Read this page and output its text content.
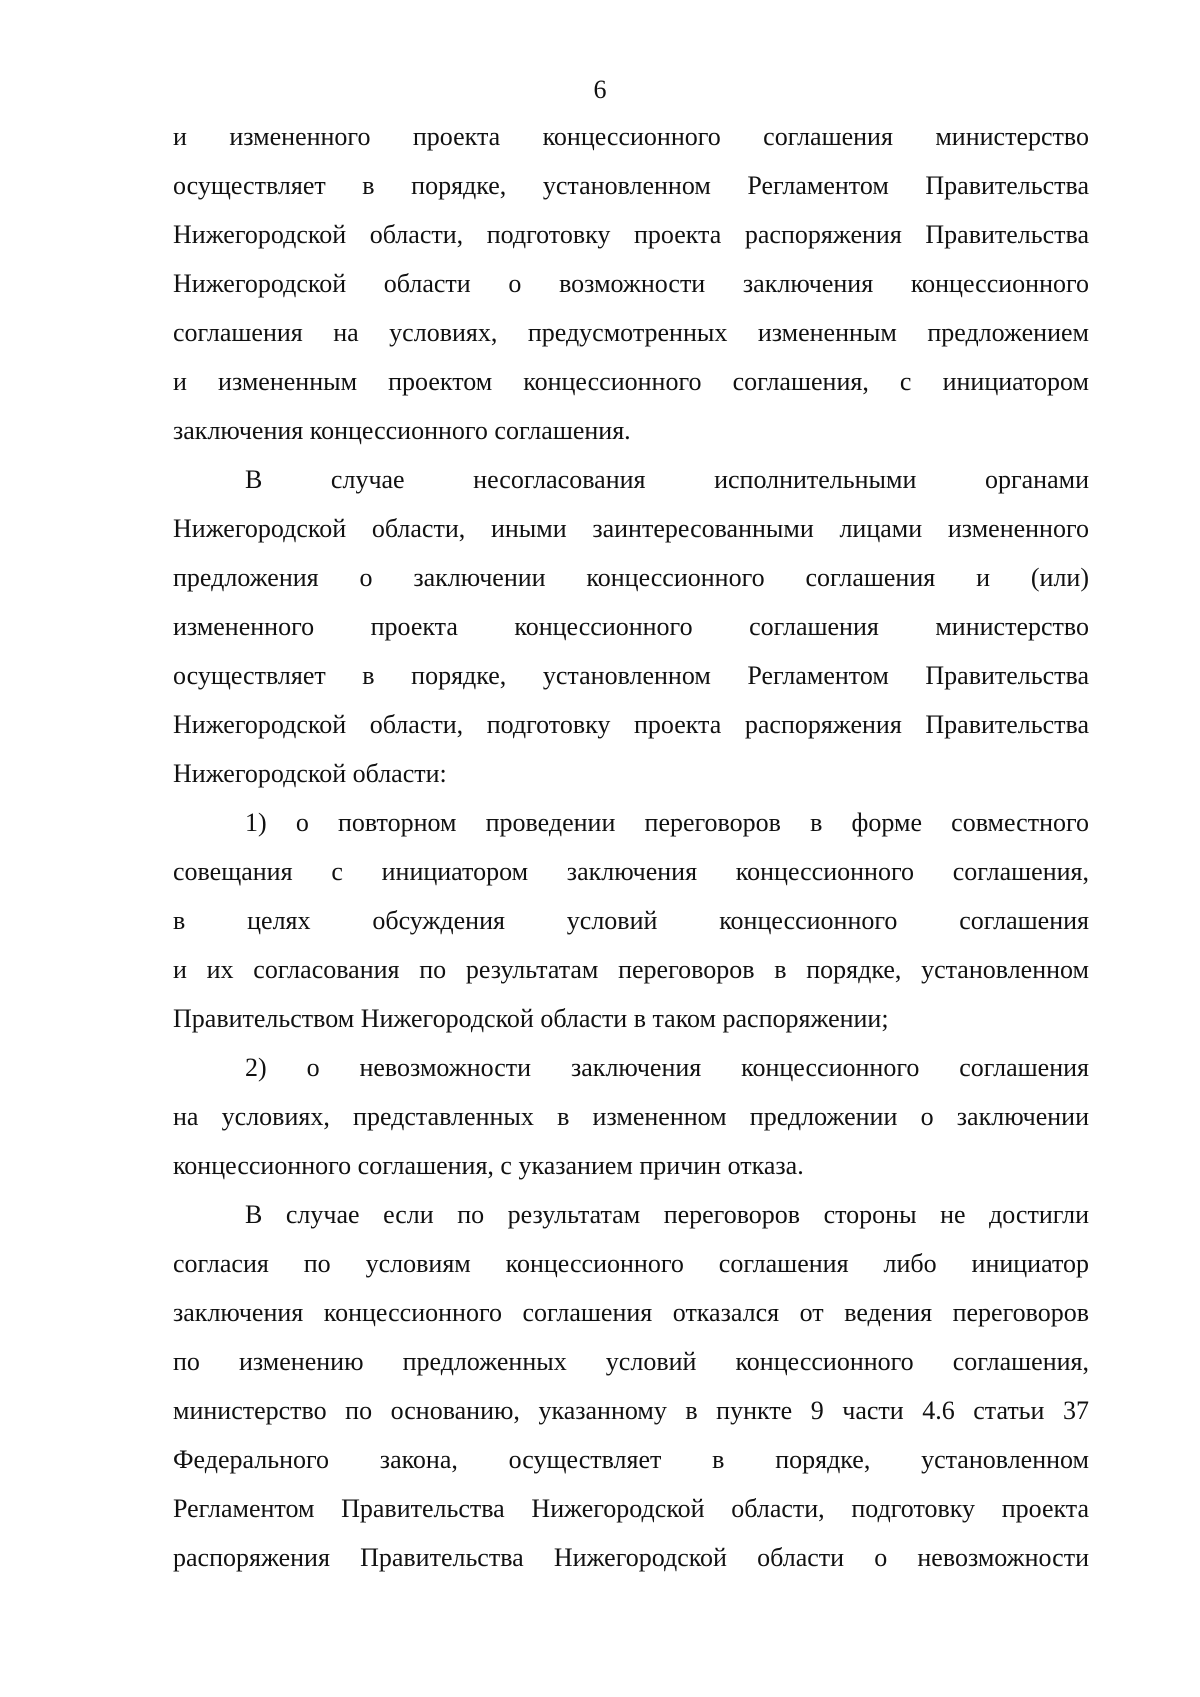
6
и измененного проекта концессионного соглашения министерство
осуществляет в порядке, установленном Регламентом Правительства
Нижегородской области, подготовку проекта распоряжения Правительства
Нижегородской области о возможности заключения концессионного
соглашения на условиях, предусмотренных измененным предложением
и измененным проектом концессионного соглашения, с инициатором
заключения концессионного соглашения.
В случае несогласования исполнительными органами
Нижегородской области, иными заинтересованными лицами измененного
предложения о заключении концессионного соглашения и (или)
измененного проекта концессионного соглашения министерство
осуществляет в порядке, установленном Регламентом Правительства
Нижегородской области, подготовку проекта распоряжения Правительства
Нижегородской области:
1) о повторном проведении переговоров в форме совместного
совещания с инициатором заключения концессионного соглашения,
в целях обсуждения условий концессионного соглашения
и их согласования по результатам переговоров в порядке, установленном
Правительством Нижегородской области в таком распоряжении;
2) о невозможности заключения концессионного соглашения
на условиях, представленных в измененном предложении о заключении
концессионного соглашения, с указанием причин отказа.
В случае если по результатам переговоров стороны не достигли
согласия по условиям концессионного соглашения либо инициатор
заключения концессионного соглашения отказался от ведения переговоров
по изменению предложенных условий концессионного соглашения,
министерство по основанию, указанному в пункте 9 части 4.6 статьи 37
Федерального закона, осуществляет в порядке, установленном
Регламентом Правительства Нижегородской области, подготовку проекта
распоряжения Правительства Нижегородской области о невозможности
